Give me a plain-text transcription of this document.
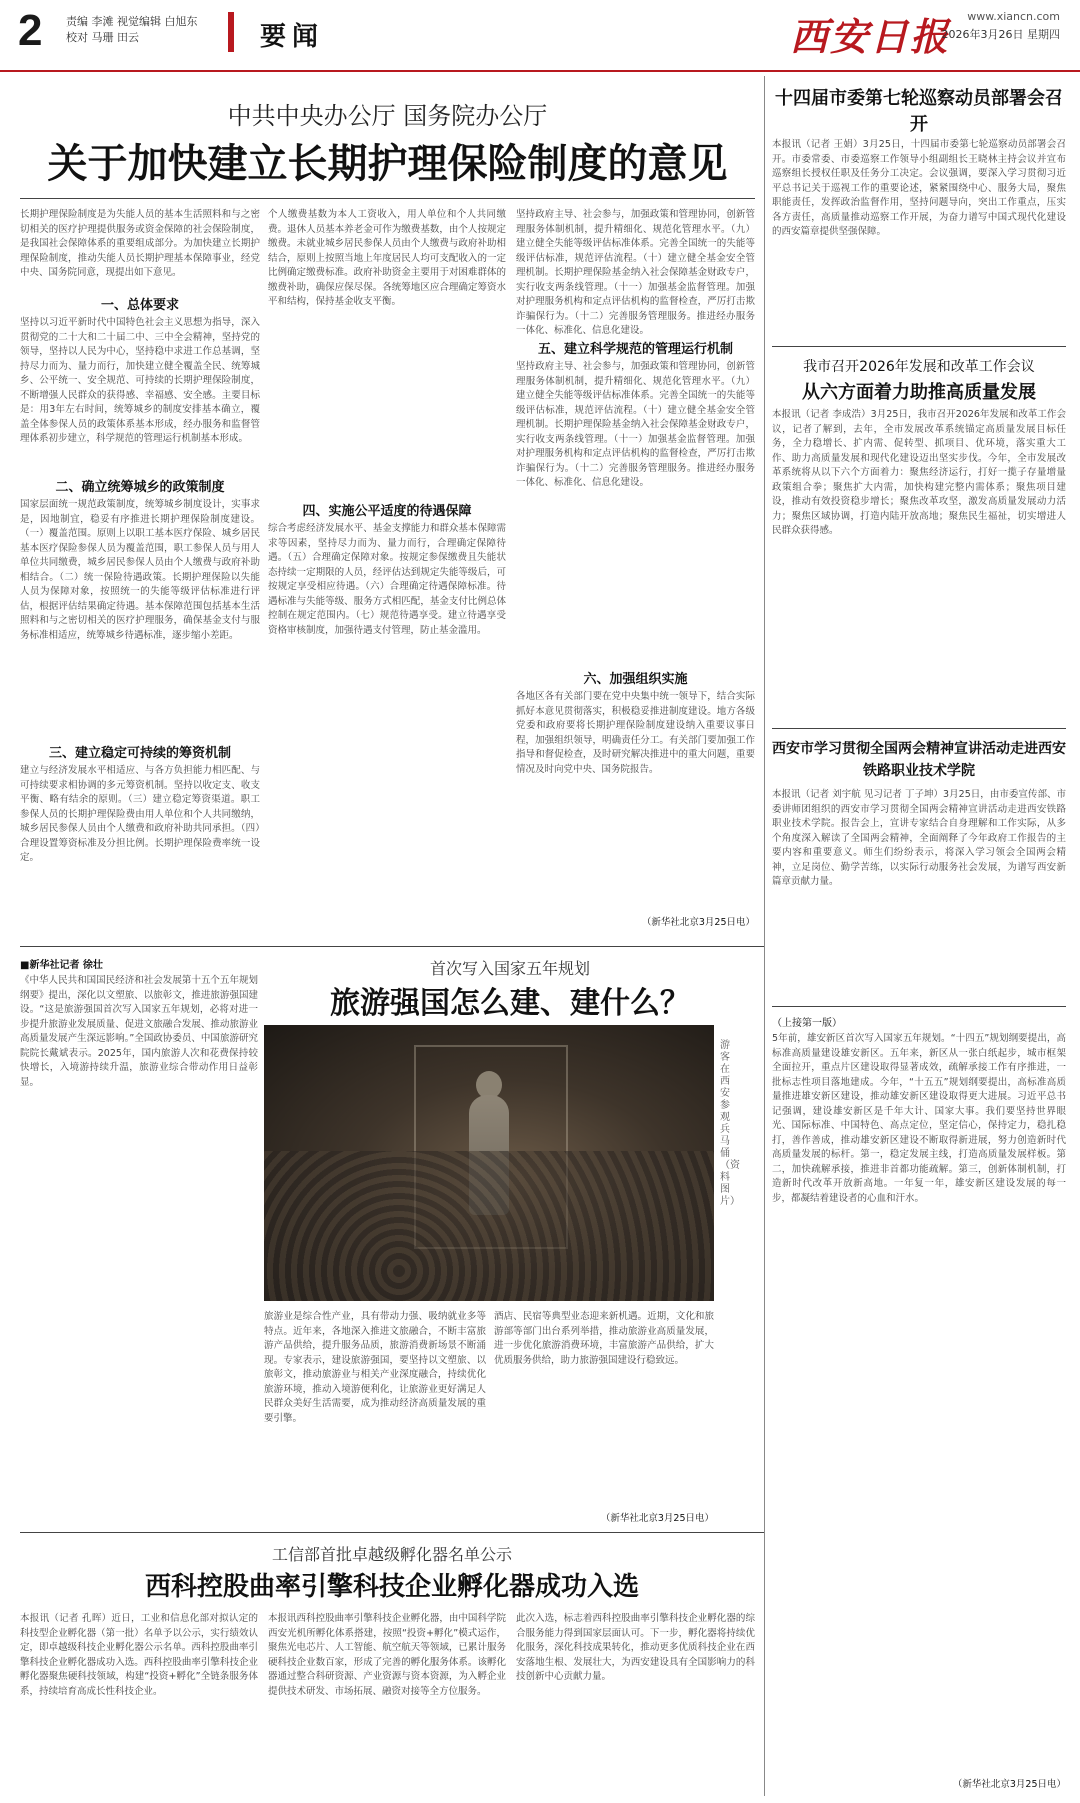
2 责编 李滩 视觉编辑 白旭东
校对 马珊 田云	要闻	西安日报 www.xiancn.com
2026年3月26日 星期四
中共中央办公厅 国务院办公厅
关于加快建立长期护理保险制度的意见
长期护理保险制度是为失能人员的基本生活照料和与之密切相关的医疗护理提供服务或资金保障的社会保险制度，是我国社会保障体系的重要组成部分。为加快建立长期护理保险制度，推动失能人员长期护理基本保障事业，经党中央、国务院同意，现提出如下意见。
一、总体要求
坚持以习近平新时代中国特色社会主义思想为指导，深入贯彻党的二十大和二十届二中、三中全会精神，坚持党的领导，坚持以人民为中心，坚持稳中求进工作总基调，坚持尽力而为、量力而行，加快建立健全覆盖全民、统筹城乡、公平统一、安全规范、可持续的长期护理保险制度，不断增强人民群众的获得感、幸福感、安全感。主要目标是：用3年左右时间，统筹城乡的制度安排基本确立，覆盖全体参保人员的政策体系基本形成，经办服务和监督管理体系初步建立，科学规范的管理运行机制基本形成。
二、确立统筹城乡的政策制度
国家层面统一规范政策制度，统筹城乡制度设计，实事求是，因地制宜，稳妥有序推进长期护理保险制度建设。（一）覆盖范围。原则上以职工基本医疗保险、城乡居民基本医疗保险参保人员为覆盖范围，职工参保人员与用人单位共同缴费，城乡居民参保人员由个人缴费与政府补助相结合。（二）统一保险待遇政策。长期护理保险以失能人员为保障对象，按照统一的失能等级评估标准进行评估，根据评估结果确定待遇。基本保障范围包括基本生活照料和与之密切相关的医疗护理服务，确保基金支付与服务标准相适应，统筹城乡待遇标准，逐步缩小差距。
三、建立稳定可持续的筹资机制
建立与经济发展水平相适应、与各方负担能力相匹配、与可持续要求相协调的多元筹资机制。坚持以收定支、收支平衡、略有结余的原则。（三）建立稳定筹资渠道。职工参保人员的长期护理保险费由用人单位和个人共同缴纳，城乡居民参保人员由个人缴费和政府补助共同承担。（四）合理设置筹资标准及分担比例。长期护理保险费率统一设定。
个人缴费基数为本人工资收入，用人单位和个人共同缴费。退休人员基本养老金可作为缴费基数，由个人按规定缴费。未就业城乡居民参保人员由个人缴费与政府补助相结合，原则上按照当地上年度居民人均可支配收入的一定比例确定缴费标准。政府补助资金主要用于对困难群体的缴费补助，确保应保尽保。各统筹地区应合理确定筹资水平和结构，保持基金收支平衡。
四、实施公平适度的待遇保障
综合考虑经济发展水平、基金支撑能力和群众基本保障需求等因素，坚持尽力而为、量力而行，合理确定保障待遇。（五）合理确定保障对象。按规定参保缴费且失能状态持续一定期限的人员，经评估达到规定失能等级后，可按规定享受相应待遇。（六）合理确定待遇保障标准。待遇标准与失能等级、服务方式相匹配，基金支付比例总体控制在规定范围内。（七）规范待遇享受。建立待遇享受资格审核制度，加强待遇支付管理，防止基金滥用。
坚持政府主导、社会参与，加强政策和管理协同，创新管理服务体制机制，提升精细化、规范化管理水平。（九）建立健全失能等级评估标准体系。完善全国统一的失能等级评估标准，规范评估流程。（十）建立健全基金安全管理机制。长期护理保险基金纳入社会保障基金财政专户，实行收支两条线管理。（十一）加强基金监督管理。加强对护理服务机构和定点评估机构的监督检查，严厉打击欺诈骗保行为。（十二）完善服务管理服务。推进经办服务一体化、标准化、信息化建设。
五、建立科学规范的管理运行机制
坚持政府主导、社会参与，加强政策和管理协同，创新管理服务体制机制，提升精细化、规范化管理水平。（九）建立健全失能等级评估标准体系。完善全国统一的失能等级评估标准，规范评估流程。（十）建立健全基金安全管理机制。长期护理保险基金纳入社会保障基金财政专户，实行收支两条线管理。（十一）加强基金监督管理。加强对护理服务机构和定点评估机构的监督检查，严厉打击欺诈骗保行为。（十二）完善服务管理服务。推进经办服务一体化、标准化、信息化建设。
六、加强组织实施
各地区各有关部门要在党中央集中统一领导下，结合实际抓好本意见贯彻落实，积极稳妥推进制度建设。地方各级党委和政府要将长期护理保险制度建设纳入重要议事日程，加强组织领导，明确责任分工。有关部门要加强工作指导和督促检查，及时研究解决推进中的重大问题，重要情况及时向党中央、国务院报告。
（新华社北京3月25日电）
十四届市委第七轮巡察动员部署会召开
本报讯（记者 王娟）3月25日，十四届市委第七轮巡察动员部署会召开。市委常委、市委巡察工作领导小组副组长王晓林主持会议并宣布巡察组长授权任职及任务分工决定。会议强调，要深入学习贯彻习近平总书记关于巡视工作的重要论述，紧紧围绕中心、服务大局，聚焦职能责任，发挥政治监督作用，坚持问题导向，突出工作重点，压实各方责任，高质量推动巡察工作开展，为奋力谱写中国式现代化建设的西安篇章提供坚强保障。
我市召开2026年发展和改革工作会议
从六方面着力助推高质量发展
本报讯（记者 李成浩）3月25日，我市召开2026年发展和改革工作会议，记者了解到，去年，全市发展改革系统锚定高质量发展目标任务，全力稳增长、扩内需、促转型、抓项目、优环境，落实重大工作、助力高质量发展和现代化建设迈出坚实步伐。今年，全市发展改革系统将从以下六个方面着力：聚焦经济运行，打好一揽子存量增量政策组合拳；聚焦扩大内需，加快构建完整内需体系；聚焦项目建设，推动有效投资稳步增长；聚焦改革攻坚，激发高质量发展动力活力；聚焦区域协调，打造内陆开放高地；聚焦民生福祉，切实增进人民群众获得感。
西安市学习贯彻全国两会精神宣讲活动走进西安铁路职业技术学院
本报讯（记者 刘宇航 见习记者 丁子坤）3月25日，由市委宣传部、市委讲师团组织的西安市学习贯彻全国两会精神宣讲活动走进西安铁路职业技术学院。报告会上，宣讲专家结合自身理解和工作实际，从多个角度深入解读了全国两会精神，全面阐释了今年政府工作报告的主要内容和重要意义。师生们纷纷表示，将深入学习领会全国两会精神，立足岗位、勤学苦练，以实际行动服务社会发展，为谱写西安新篇章贡献力量。
■新华社记者 徐壮
《中华人民共和国国民经济和社会发展第十五个五年规划纲要》提出，深化以文塑旅、以旅彰文，推进旅游强国建设。“这是旅游强国首次写入国家五年规划，必将对进一步提升旅游业发展质量、促进文旅融合发展、推动旅游业高质量发展产生深远影响。”全国政协委员、中国旅游研究院院长戴斌表示。2025年，国内旅游人次和花费保持较快增长，入境游持续升温，旅游业综合带动作用日益彰显。
首次写入国家五年规划
旅游强国怎么建、建什么？
游客在西安参观兵马俑（资料图片）
旅游业是综合性产业，具有带动力强、吸纳就业多等特点。近年来，各地深入推进文旅融合，不断丰富旅游产品供给，提升服务品质，旅游消费新场景不断涌现。专家表示，建设旅游强国，要坚持以文塑旅、以旅彰文，推动旅游业与相关产业深度融合，持续优化旅游环境，推动入境游便利化，让旅游业更好满足人民群众美好生活需要，成为推动经济高质量发展的重要引擎。
酒店、民宿等典型业态迎来新机遇。近期，文化和旅游部等部门出台系列举措，推动旅游业高质量发展，进一步优化旅游消费环境，丰富旅游产品供给，扩大优质服务供给，助力旅游强国建设行稳致远。
（新华社北京3月25日电）
（上接第一版）
5年前，雄安新区首次写入国家五年规划。“十四五”规划纲要提出，高标准高质量建设雄安新区。五年来，新区从一张白纸起步，城市框架全面拉开，重点片区建设取得显著成效，疏解承接工作有序推进，一批标志性项目落地建成。今年，“十五五”规划纲要提出，高标准高质量推进雄安新区建设，推动雄安新区建设取得更大进展。习近平总书记强调，建设雄安新区是千年大计、国家大事。我们要坚持世界眼光、国际标准、中国特色、高点定位，坚定信心，保持定力，稳扎稳打，善作善成，推动雄安新区建设不断取得新进展，努力创造新时代高质量发展的标杆。第一，稳定发展主线，打造高质量发展样板。第二，加快疏解承接，推进非首都功能疏解。第三，创新体制机制，打造新时代改革开放新高地。一年复一年，雄安新区建设发展的每一步，都凝结着建设者的心血和汗水。
（新华社北京3月25日电）
工信部首批卓越级孵化器名单公示
西科控股曲率引擎科技企业孵化器成功入选
本报讯（记者 孔晖）近日，工业和信息化部对拟认定的科技型企业孵化器（第一批）名单予以公示，实行绩效认定，即卓越级科技企业孵化器公示名单。西科控股曲率引擎科技企业孵化器成功入选。西科控股曲率引擎科技企业孵化器聚焦硬科技领域，构建“投资+孵化”全链条服务体系，持续培育高成长性科技企业。
本报讯西科控股曲率引擎科技企业孵化器，由中国科学院西安光机所孵化体系搭建，按照“投资+孵化”模式运作，聚焦光电芯片、人工智能、航空航天等领域，已累计服务硬科技企业数百家，形成了完善的孵化服务体系。该孵化器通过整合科研资源、产业资源与资本资源，为入孵企业提供技术研发、市场拓展、融资对接等全方位服务。
此次入选，标志着西科控股曲率引擎科技企业孵化器的综合服务能力得到国家层面认可。下一步，孵化器将持续优化服务，深化科技成果转化，推动更多优质科技企业在西安落地生根、发展壮大，为西安建设具有全国影响力的科技创新中心贡献力量。
